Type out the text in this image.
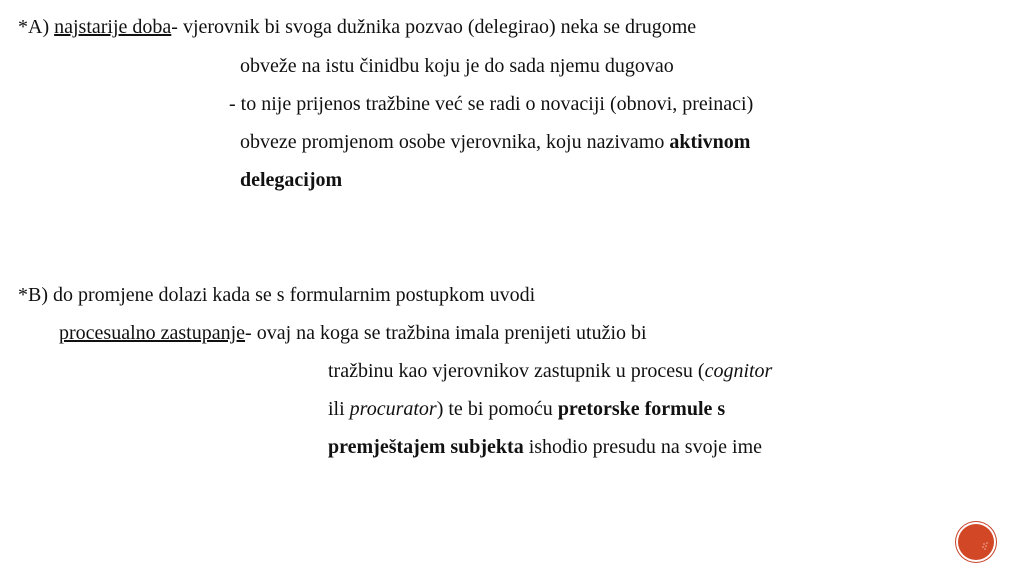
*A) najstarije doba- vjerovnik bi svoga dužnika pozvao (delegirao) neka se drugome
obveže na istu činidbu koju je do sada njemu dugovao
- to nije prijenos tražbine već se radi o novaciji (obnovi, preinaci)
obveze promjenom osobe vjerovnika, koju nazivamo aktivnom
delegacijom
*B) do promjene dolazi kada se s formularnim postupkom uvodi
procesualno zastupanje- ovaj na koga se tražbina imala prenijeti utužio bi
tražbinu kao vjerovnikov zastupnik u procesu (cognitor
ili procurator) te bi pomoću pretorske formule s
premještajem subjekta ishodio presudu na svoje ime
